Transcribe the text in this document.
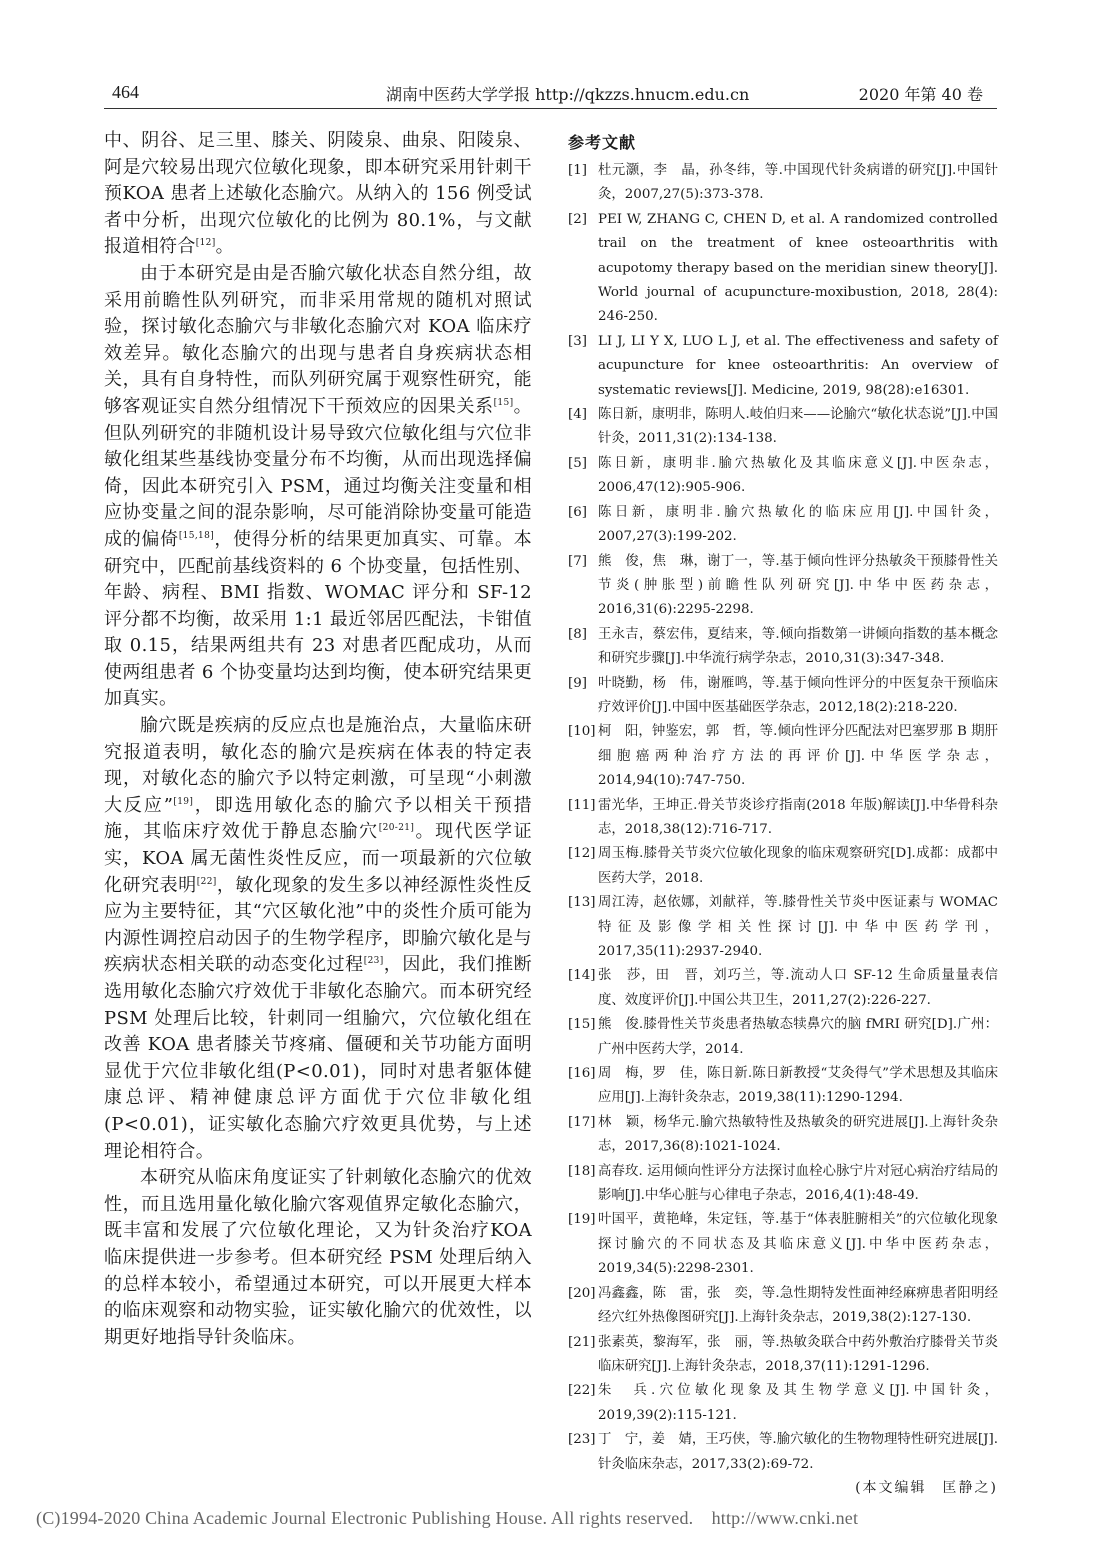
464	湖南中医药大学学报 http://qkzzs.hnucm.edu.cn	2020 年第 40 卷

中、阴谷、足三里、膝关、阴陵泉、曲泉、阳陵泉、阿是穴较易出现穴位敏化现象，即本研究采用针刺干预KOA 患者上述敏化态腧穴。从纳入的 156 例受试者中分析，出现穴位敏化的比例为 80.1%，与文献报道相符合[12]。

由于本研究是由是否腧穴敏化状态自然分组，故采用前瞻性队列研究，而非采用常规的随机对照试验，探讨敏化态腧穴与非敏化态腧穴对 KOA 临床疗效差异。敏化态腧穴的出现与患者自身疾病状态相关，具有自身特性，而队列研究属于观察性研究，能够客观证实自然分组情况下干预效应的因果关系[15]。但队列研究的非随机设计易导致穴位敏化组与穴位非敏化组某些基线协变量分布不均衡，从而出现选择偏倚，因此本研究引入 PSM，通过均衡关注变量和相应协变量之间的混杂影响，尽可能消除协变量可能造成的偏倚[15,18]，使得分析的结果更加真实、可靠。本研究中，匹配前基线资料的 6 个协变量，包括性别、年龄、病程、BMI 指数、WOMAC 评分和 SF-12 评分都不均衡，故采用 1:1 最近邻居匹配法，卡钳值取 0.15，结果两组共有 23 对患者匹配成功，从而使两组患者 6 个协变量均达到均衡，使本研究结果更加真实。

腧穴既是疾病的反应点也是施治点，大量临床研究报道表明，敏化态的腧穴是疾病在体表的特定表现，对敏化态的腧穴予以特定刺激，可呈现“小刺激大反应”[19]，即选用敏化态的腧穴予以相关干预措施，其临床疗效优于静息态腧穴[20-21]。现代医学证实，KOA 属无菌性炎性反应，而一项最新的穴位敏化研究表明[22]，敏化现象的发生多以神经源性炎性反应为主要特征，其“穴区敏化池”中的炎性介质可能为内源性调控启动因子的生物学程序，即腧穴敏化是与疾病状态相关联的动态变化过程[23]，因此，我们推断选用敏化态腧穴疗效优于非敏化态腧穴。而本研究经 PSM 处理后比较，针刺同一组腧穴，穴位敏化组在改善 KOA 患者膝关节疼痛、僵硬和关节功能方面明显优于穴位非敏化组(P<0.01)，同时对患者躯体健康总评、精神健康总评方面优于穴位非敏化组(P<0.01)，证实敏化态腧穴疗效更具优势，与上述理论相符合。

本研究从临床角度证实了针刺敏化态腧穴的优效性，而且选用量化敏化腧穴客观值界定敏化态腧穴，既丰富和发展了穴位敏化理论，又为针灸治疗KOA 临床提供进一步参考。但本研究经 PSM 处理后纳入的总样本较小，希望通过本研究，可以开展更大样本的临床观察和动物实验，证实敏化腧穴的优效性，以期更好地指导针灸临床。

参考文献

[1] 杜元灏，李　晶，孙冬纬，等.中国现代针灸病谱的研究[J].中国针灸，2007,27(5):373-378.

[2] PEI W, ZHANG C, CHEN D, et al. A randomized controlled trail on the treatment of knee osteoarthritis with acupotomy therapy based on the meridian sinew theory[J]. World journal of acupuncture-moxibustion, 2018, 28(4): 246-250.

[3] LI J, LI Y X, LUO L J, et al. The effectiveness and safety of acupuncture for knee osteoarthritis: An overview of systematic reviews[J]. Medicine, 2019, 98(28):e16301.

[4] 陈日新，康明非，陈明人.岐伯归来——论腧穴“敏化状态说”[J].中国针灸，2011,31(2):134-138.

[5] 陈日新，康明非.腧穴热敏化及其临床意义[J].中医杂志，2006,47(12):905-906.

[6] 陈日新，康明非.腧穴热敏化的临床应用[J].中国针灸，2007,27(3):199-202.

[7] 熊　俊，焦　琳，谢丁一，等.基于倾向性评分热敏灸干预膝骨性关节炎(肿胀型)前瞻性队列研究[J].中华中医药杂志，2016,31(6):2295-2298.

[8] 王永吉，蔡宏伟，夏结来，等.倾向指数第一讲倾向指数的基本概念和研究步骤[J].中华流行病学杂志，2010,31(3):347-348.

[9] 叶晓勤，杨　伟，谢雁鸣，等.基于倾向性评分的中医复杂干预临床疗效评价[J].中国中医基础医学杂志，2012,18(2):218-220.

[10] 柯　阳，钟鉴宏，郭　哲，等.倾向性评分匹配法对巴塞罗那 B 期肝细胞癌两种治疗方法的再评价[J].中华医学杂志，2014,94(10):747-750.

[11] 雷光华，王坤正.骨关节炎诊疗指南(2018 年版)解读[J].中华骨科杂志，2018,38(12):716-717.

[12] 周玉梅.膝骨关节炎穴位敏化现象的临床观察研究[D].成都：成都中医药大学，2018.

[13] 周江涛，赵依娜，刘献祥，等.膝骨性关节炎中医证素与 WOMAC 特征及影像学相关性探讨[J].中华中医药学刊，2017,35(11):2937-2940.

[14] 张　莎，田　晋，刘巧兰，等.流动人口 SF-12 生命质量量表信度、效度评价[J].中国公共卫生，2011,27(2):226-227.

[15] 熊　俊.膝骨性关节炎患者热敏态犊鼻穴的脑 fMRI 研究[D].广州：广州中医药大学，2014.

[16] 周　梅，罗　佳，陈日新.陈日新教授“艾灸得气”学术思想及其临床应用[J].上海针灸杂志，2019,38(11):1290-1294.

[17] 林　颖，杨华元.腧穴热敏特性及热敏灸的研究进展[J].上海针灸杂志，2017,36(8):1021-1024.

[18] 高春玫. 运用倾向性评分方法探讨血栓心脉宁片对冠心病治疗结局的影响[J].中华心脏与心律电子杂志，2016,4(1):48-49.

[19] 叶国平，黄艳峰，朱定钰，等.基于“体表脏腑相关”的穴位敏化现象探讨腧穴的不同状态及其临床意义[J].中华中医药杂志，2019,34(5):2298-2301.

[20] 冯鑫鑫，陈　雷，张　奕，等.急性期特发性面神经麻痹患者阳明经经穴红外热像图研究[J].上海针灸杂志，2019,38(2):127-130.

[21] 张素英，黎海军，张　丽，等.热敏灸联合中药外敷治疗膝骨关节炎临床研究[J].上海针灸杂志，2018,37(11):1291-1296.

[22] 朱　兵.穴位敏化现象及其生物学意义[J].中国针灸，2019,39(2):115-121.

[23] 丁　宁，姜　婧，王巧侠，等.腧穴敏化的生物物理特性研究进展[J].针灸临床杂志，2017,33(2):69-72.

(本文编辑　匡静之)
(C)1994-2020 China Academic Journal Electronic Publishing House. All rights reserved.　http://www.cnki.net
